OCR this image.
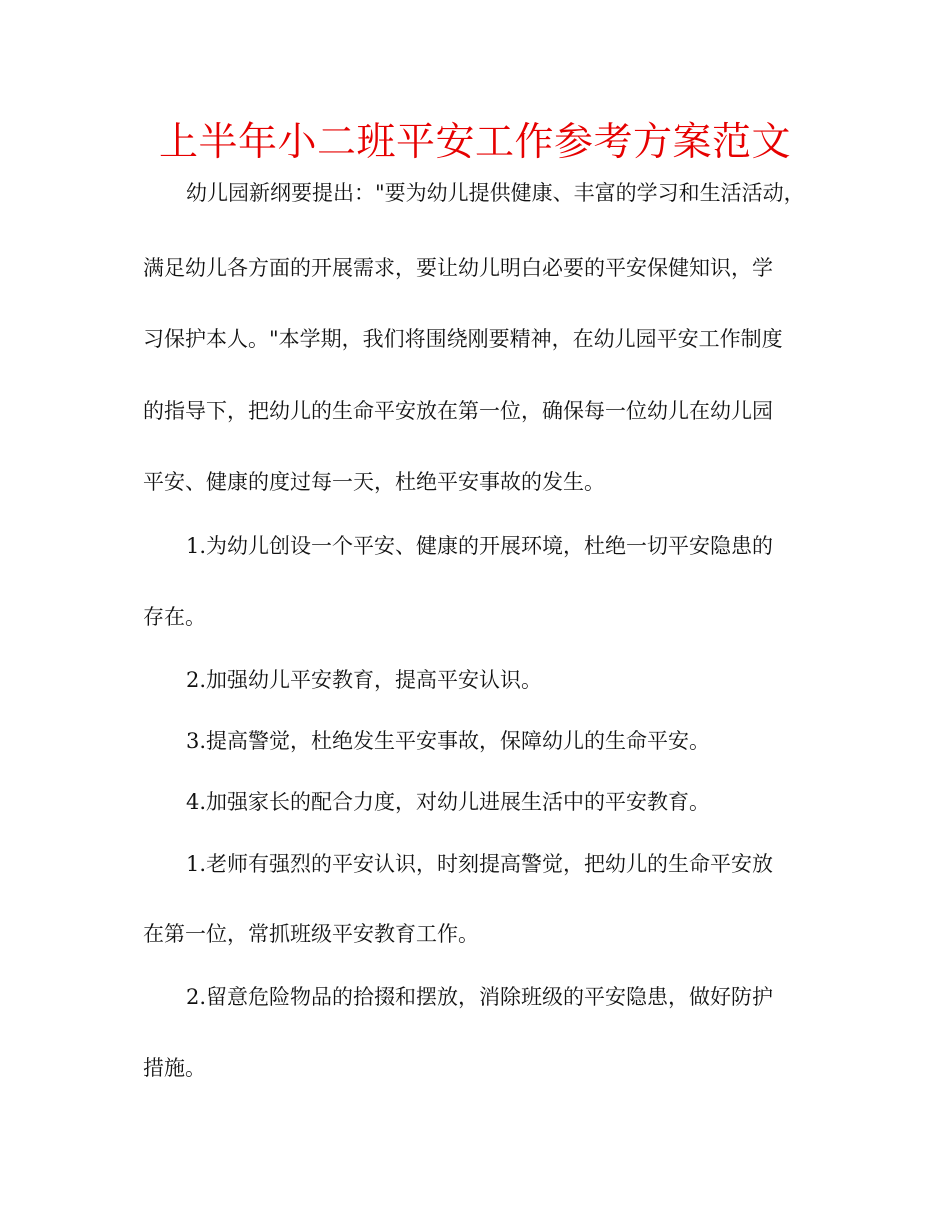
上半年小二班平安工作参考方案范文

幼儿园新纲要提出："要为幼儿提供健康、丰富的学习和生活活动，

满足幼儿各方面的开展需求，要让幼儿明白必要的平安保健知识，学

习保护本人。"本学期，我们将围绕刚要精神，在幼儿园平安工作制度

的指导下，把幼儿的生命平安放在第一位，确保每一位幼儿在幼儿园

平安、健康的度过每一天，杜绝平安事故的发生。

1.为幼儿创设一个平安、健康的开展环境，杜绝一切平安隐患的

存在。

2.加强幼儿平安教育，提高平安认识。

3.提高警觉，杜绝发生平安事故，保障幼儿的生命平安。

4.加强家长的配合力度，对幼儿进展生活中的平安教育。

1.老师有强烈的平安认识，时刻提高警觉，把幼儿的生命平安放

在第一位，常抓班级平安教育工作。

2.留意危险物品的拾掇和摆放，消除班级的平安隐患，做好防护

措施。
